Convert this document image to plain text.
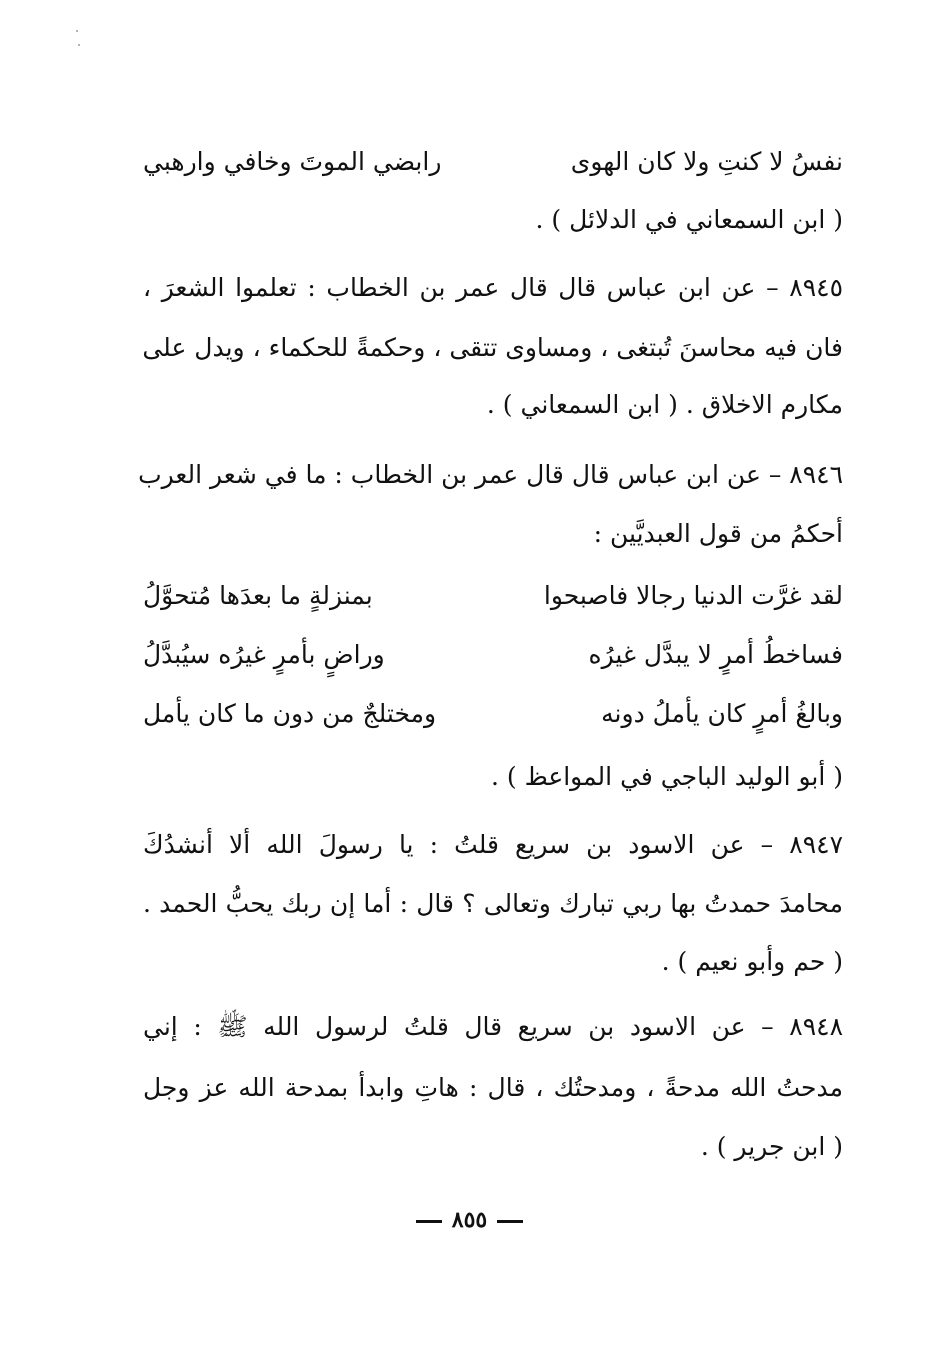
نفسُ لا كنتِ ولا كان الهوى
رابضي الموتَ وخافي وارهبي
( ابن السمعاني في الدلائل ) .
٨٩٤٥ – عن ابن عباس قال قال عمر بن الخطاب : تعلموا الشعرَ ،
فان فيه محاسنَ تُبتغى ، ومساوى تتقى ، وحكمةً للحكماء ، ويدل على
مكارم الاخلاق . ( ابن السمعاني ) .
٨٩٤٦ – عن ابن عباس قال قال عمر بن الخطاب : ما في شعر العرب
أحكمُ من قول العبديَّين :
لقد غرَّت الدنيا رجالا فاصبحوا
بمنزلةٍ ما بعدَها مُتحوَّلُ
فساخطُ أمرٍ لا يبدَّل غيرُه
وراضٍ بأمرٍ غيرُه سيُبدَّلُ
وبالغُ أمرٍ كان يأملُ دونه
ومختلجٌ من دون ما كان يأمل
( أبو الوليد الباجي في المواعظ ) .
٨٩٤٧ – عن الاسود بن سريع قلتُ : يا رسولَ الله ألا أنشدُكَ
محامدَ حمدتُ بها ربي تبارك وتعالى ؟ قال : أما إن ربك يحبُّ الحمد .
( حم وأبو نعيم ) .
٨٩٤٨ – عن الاسود بن سريع قال قلتُ لرسول الله ﷺ : إني
مدحتُ الله مدحةً ، ومدحتُك ، قال : هاتِ وابدأ بمدحة الله عز وجل
( ابن جرير ) .
٨٥٥
